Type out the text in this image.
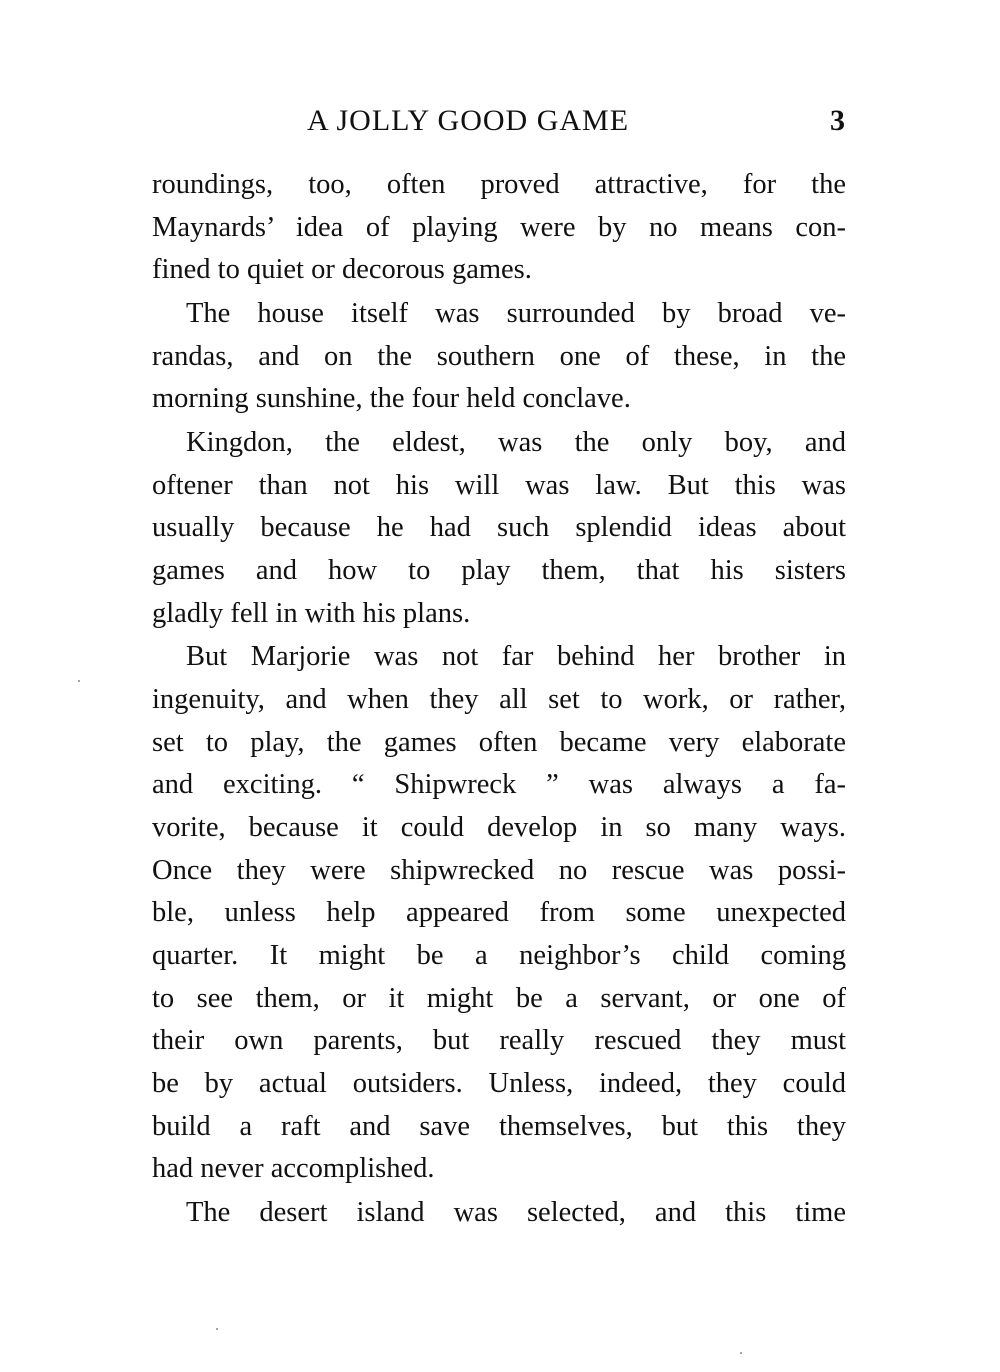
A JOLLY GOOD GAME	3
roundings, too, often proved attractive, for the
Maynards’ idea of playing were by no means con-
fined to quiet or decorous games.
The house itself was surrounded by broad ve-
randas, and on the southern one of these, in the
morning sunshine, the four held conclave.
Kingdon, the eldest, was the only boy, and
oftener than not his will was law. But this was
usually because he had such splendid ideas about
games and how to play them, that his sisters
gladly fell in with his plans.
But Marjorie was not far behind her brother in
ingenuity, and when they all set to work, or rather,
set to play, the games often became very elaborate
and exciting. “ Shipwreck ” was always a fa-
vorite, because it could develop in so many ways.
Once they were shipwrecked no rescue was possi-
ble, unless help appeared from some unexpected
quarter. It might be a neighbor’s child coming
to see them, or it might be a servant, or one of
their own parents, but really rescued they must
be by actual outsiders. Unless, indeed, they could
build a raft and save themselves, but this they
had never accomplished.
The desert island was selected, and this time
